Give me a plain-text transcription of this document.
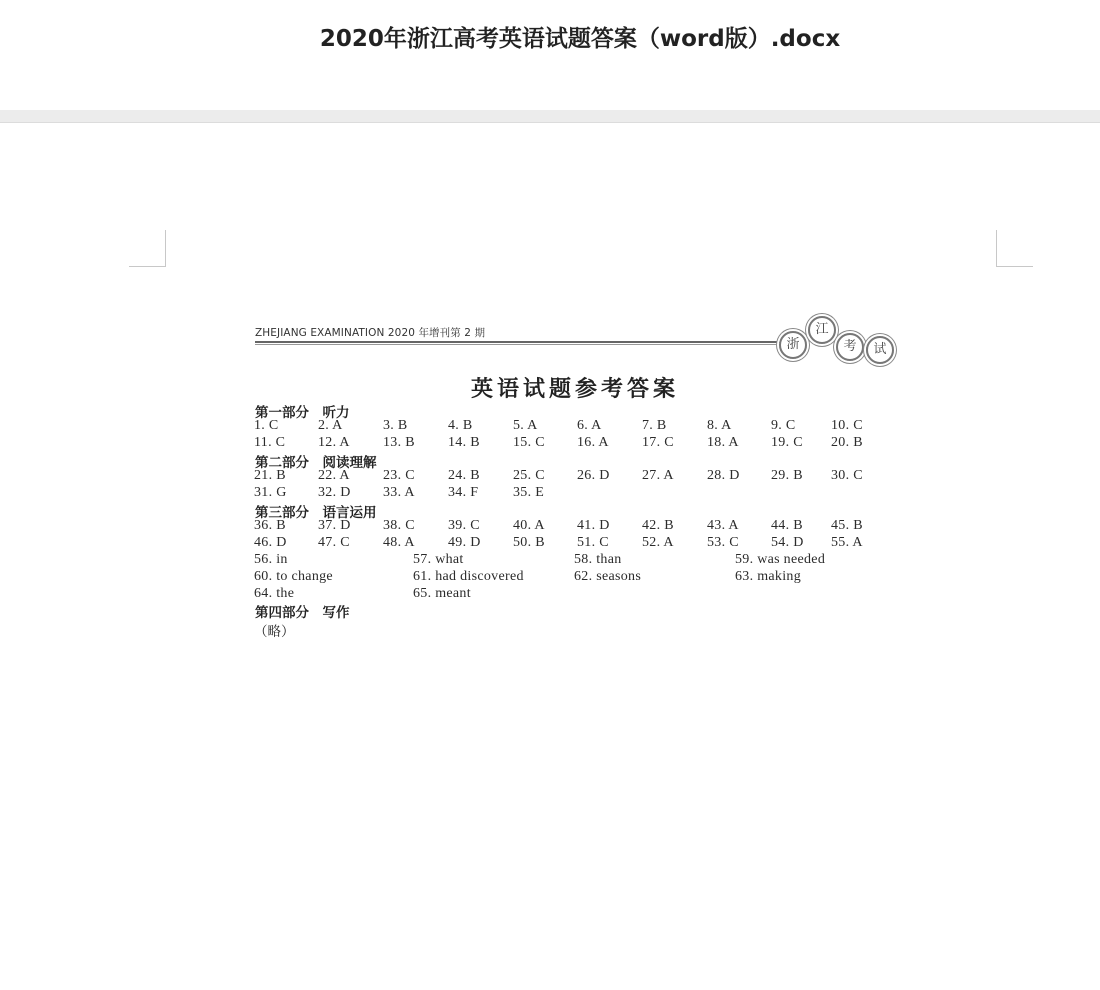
2020年浙江高考英语试题答案（word版）.docx
ZHEJIANG EXAMINATION 2020 年增刊第 2 期
浙
江
考	试
英语试题参考答案
第一部分　听力
1. C	2. A	3. B	4. B	5. A	6. A	7. B	8. A	9. C	10. C
11. C 12. A 13. B 14. B 15. C 16. A 17. C 18. A 19. C 20. B
第二部分　阅读理解
21. B 22. A 23. C 24. B 25. C 26. D 27. A 28. D 29. B 30. C
31. G 32. D 33. A 34. F 35. E
第三部分　语言运用
36. B 37. D 38. C 39. C 40. A 41. D 42. B 43. A 44. B 45. B
46. D 47. C 48. A 49. D 50. B 51. C 52. A 53. C 54. D 55. A
56. in	57. what	58. than	59. was needed
60. to change	61. had discovered	62. seasons	63. making
64. the	65. meant
第四部分　写作
（略）
